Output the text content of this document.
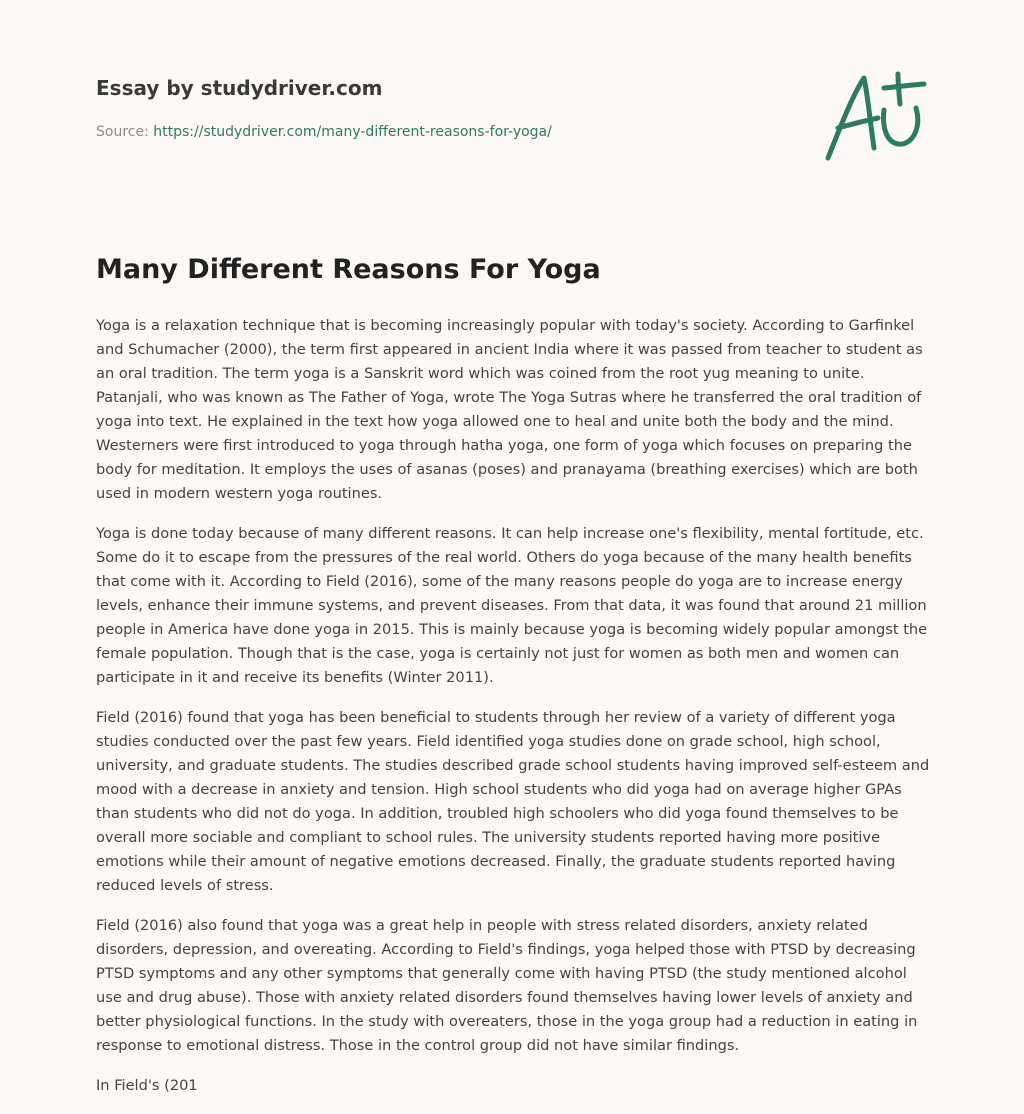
Essay by studydriver.com

Source: https://studydriver.com/many-different-reasons-for-yoga/

Many Different Reasons For Yoga

Yoga is a relaxation technique that is becoming increasingly popular with today's society. According to Garfinkel and Schumacher (2000), the term first appeared in ancient India where it was passed from teacher to student as an oral tradition. The term yoga is a Sanskrit word which was coined from the root yug meaning to unite. Patanjali, who was known as The Father of Yoga, wrote The Yoga Sutras where he transferred the oral tradition of yoga into text. He explained in the text how yoga allowed one to heal and unite both the body and the mind. Westerners were first introduced to yoga through hatha yoga, one form of yoga which focuses on preparing the body for meditation. It employs the uses of asanas (poses) and pranayama (breathing exercises) which are both used in modern western yoga routines.

Yoga is done today because of many different reasons. It can help increase one's flexibility, mental fortitude, etc. Some do it to escape from the pressures of the real world. Others do yoga because of the many health benefits that come with it. According to Field (2016), some of the many reasons people do yoga are to increase energy levels, enhance their immune systems, and prevent diseases. From that data, it was found that around 21 million people in America have done yoga in 2015. This is mainly because yoga is becoming widely popular amongst the female population. Though that is the case, yoga is certainly not just for women as both men and women can participate in it and receive its benefits (Winter 2011).

Field (2016) found that yoga has been beneficial to students through her review of a variety of different yoga studies conducted over the past few years. Field identified yoga studies done on grade school, high school, university, and graduate students. The studies described grade school students having improved self-esteem and mood with a decrease in anxiety and tension. High school students who did yoga had on average higher GPAs than students who did not do yoga. In addition, troubled high schoolers who did yoga found themselves to be overall more sociable and compliant to school rules. The university students reported having more positive emotions while their amount of negative emotions decreased. Finally, the graduate students reported having reduced levels of stress.

Field (2016) also found that yoga was a great help in people with stress related disorders, anxiety related disorders, depression, and overeating. According to Field's findings, yoga helped those with PTSD by decreasing PTSD symptoms and any other symptoms that generally come with having PTSD (the study mentioned alcohol use and drug abuse). Those with anxiety related disorders found themselves having lower levels of anxiety and better physiological functions. In the study with overeaters, those in the yoga group had a reduction in eating in response to emotional distress. Those in the control group did not have similar findings.

In Field's (201
